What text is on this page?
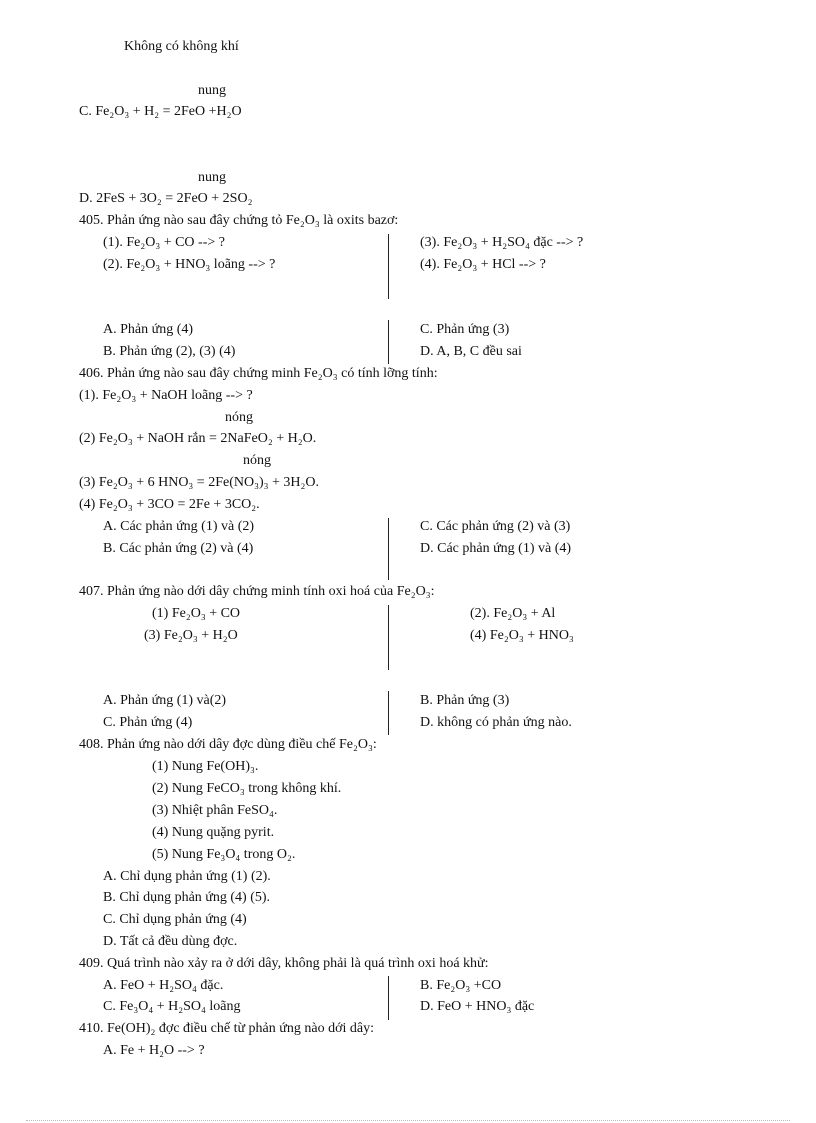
Không có không khí
nung
C. Fe₂O₃ + H₂ = 2FeO +H₂O
nung
D. 2FeS + 3O₂ = 2FeO + 2SO₂
405. Phản ứng nào sau đây chứng tỏ Fe₂O₃ là oxits bazơ:
(1). Fe₂O₃ + CO --> ?
(2). Fe₂O₃ + HNO₃ loãng --> ?
(3). Fe₂O₃ + H₂SO₄ đặc --> ?
(4). Fe₂O₃ + HCl --> ?
A. Phản ứng (4)
B. Phản ứng (2), (3) (4)
C. Phản ứng (3)
D. A, B, C đều sai
406. Phản ứng nào sau đây chứng minh Fe₂O₃ có tính lỡng tính:
(1). Fe₂O₃ + NaOH loãng --> ?
nóng
(2) Fe₂O₃ + NaOH rắn = 2NaFeO₂ + H₂O.
nóng
(3) Fe₂O₃ + 6 HNO₃ = 2Fe(NO₃)₃ + 3H₂O.
(4) Fe₂O₃ + 3CO = 2Fe + 3CO₂.
A. Các phản ứng (1) và (2)
B. Các phản ứng (2) và (4)
C. Các phản ứng (2) và (3)
D. Các phản ứng (1) và (4)
407. Phản ứng nào dới dây chứng minh tính oxi hoá của Fe₂O₃:
(1) Fe₂O₃ + CO
(3) Fe₂O₃ + H₂O
(2). Fe₂O₃ + Al
(4) Fe₂O₃ + HNO₃
A. Phản ứng (1) và(2)
C. Phản ứng (4)
B. Phản ứng (3)
D. không có phản ứng nào.
408. Phản ứng nào dới dây đợc dùng điều chế Fe₂O₃:
(1) Nung Fe(OH)₃.
(2) Nung FeCO₃ trong không khí.
(3) Nhiệt phân FeSO₄.
(4) Nung quặng pyrit.
(5) Nung Fe₃O₄ trong O₂.
A. Chỉ dụng phản ứng (1) (2).
B. Chỉ dụng phản ứng (4) (5).
C. Chỉ dụng phản ứng (4)
D. Tất cả đều dùng đợc.
409. Quá trình nào xảy ra ở dới dây, không phải là quá trình oxi hoá khử:
A. FeO + H₂SO₄ đặc.
C. Fe₃O₄ + H₂SO₄ loãng
B. Fe₂O₃ +CO
D. FeO + HNO₃ đặc
410. Fe(OH)₂ đợc điều chế từ phản ứng nào dới dây:
A. Fe + H₂O --> ?
